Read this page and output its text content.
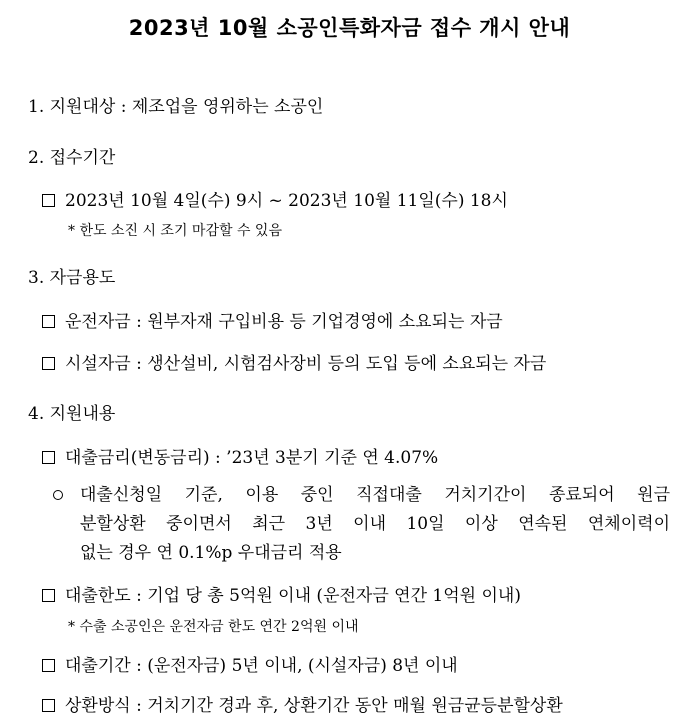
2023년 10월 소공인특화자금 접수 개시 안내
1. 지원대상 : 제조업을 영위하는 소공인
2. 접수기간
2023년 10월 4일(수) 9시 ~ 2023년 10월 11일(수) 18시
* 한도 소진 시 조기 마감할 수 있음
3. 자금용도
운전자금 : 원부자재 구입비용 등 기업경영에 소요되는 자금
시설자금 : 생산설비, 시험검사장비 등의 도입 등에 소요되는 자금
4. 지원내용
대출금리(변동금리) : ’23년 3분기 기준 연 4.07%
대출신청일 기준, 이용 중인 직접대출 거치기간이 종료되어 원금
분할상환 중이면서 최근 3년 이내 10일 이상 연속된 연체이력이
없는 경우 연 0.1%p 우대금리 적용
대출한도 : 기업 당 총 5억원 이내 (운전자금 연간 1억원 이내)
* 수출 소공인은 운전자금 한도 연간 2억원 이내
대출기간 : (운전자금) 5년 이내, (시설자금) 8년 이내
상환방식 : 거치기간 경과 후, 상환기간 동안 매월 원금균등분할상환
